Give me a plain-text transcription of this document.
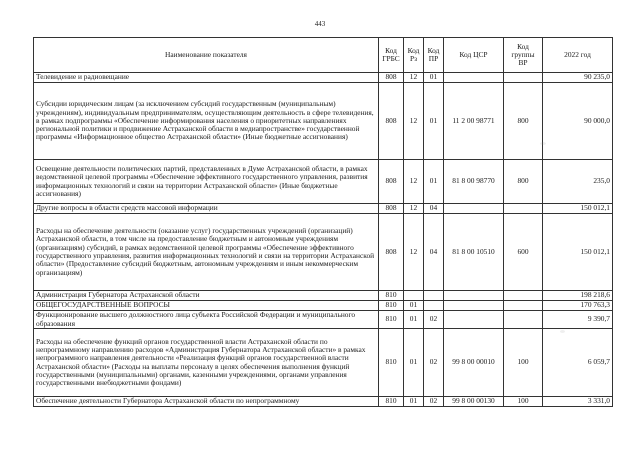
443
Наименование показателя	Код ГРБС	Код Рз	Код ПР	Код ЦСР	Код группы ВР	2022 год
Телевидение и радиовещание	808	12	01			90 235,0
Субсидии юридическим лицам (за исключением субсидий государственным (муниципальным) учреждениям), индивидуальным предпринимателям, осуществляющим деятельность в сфере телевидения, в рамках подпрограммы «Обеспечение информирования населения о приоритетных направлениях региональной политики и продвижение Астраханской области в медиапространстве» государственной программы «Информационное общество Астраханской области» (Иные бюджетные ассигнования)	808	12	01	11 2 00 98771	800	90 000,0
Освещение деятельности политических партий, представленных в Думе Астраханской области, в рамках ведомственной целевой программы «Обеспечение эффективного государственного управления, развития информационных технологий и связи на территории Астраханской области» (Иные бюджетные ассигнования)	808	12	01	81 8 00 98770	800	235,0
Другие вопросы в области средств массовой информации	808	12	04			150 012,1
Расходы на обеспечение деятельности (оказание услуг) государственных учреждений (организаций) Астраханской области, в том числе на предоставление бюджетным и автономным учреждениям (организациям) субсидий, в рамках ведомственной целевой программы «Обеспечение эффективного государственного управления, развития информационных технологий и связи на территории Астраханской области» (Предоставление субсидий бюджетным, автономным учреждениям и иным некоммерческим организациям)	808	12	04	81 8 00 10510	600	150 012,1
Администрация Губернатора Астраханской области	810					198 218,6
ОБЩЕГОСУДАРСТВЕННЫЕ ВОПРОСЫ	810	01				170 763,3
Функционирование высшего должностного лица субъекта Российской Федерации и муниципального образования	810	01	02			9 390,7
Расходы на обеспечение функций органов государственной власти Астраханской области по непрограммному направлению расходов «Администрация Губернатора Астраханской области» в рамках непрограммного направления деятельности «Реализация функций органов государственной власти Астраханской области» (Расходы на выплаты персоналу в целях обеспечения выполнения функций государственными (муниципальными) органами, казенными учреждениями, органами управления государственными внебюджетными фондами)	810	01	02	99 8 00 00010	100	6 059,7
Обеспечение деятельности Губернатора Астраханской области по непрограммному	810	01	02	99 8 00 00130	100	3 331,0
